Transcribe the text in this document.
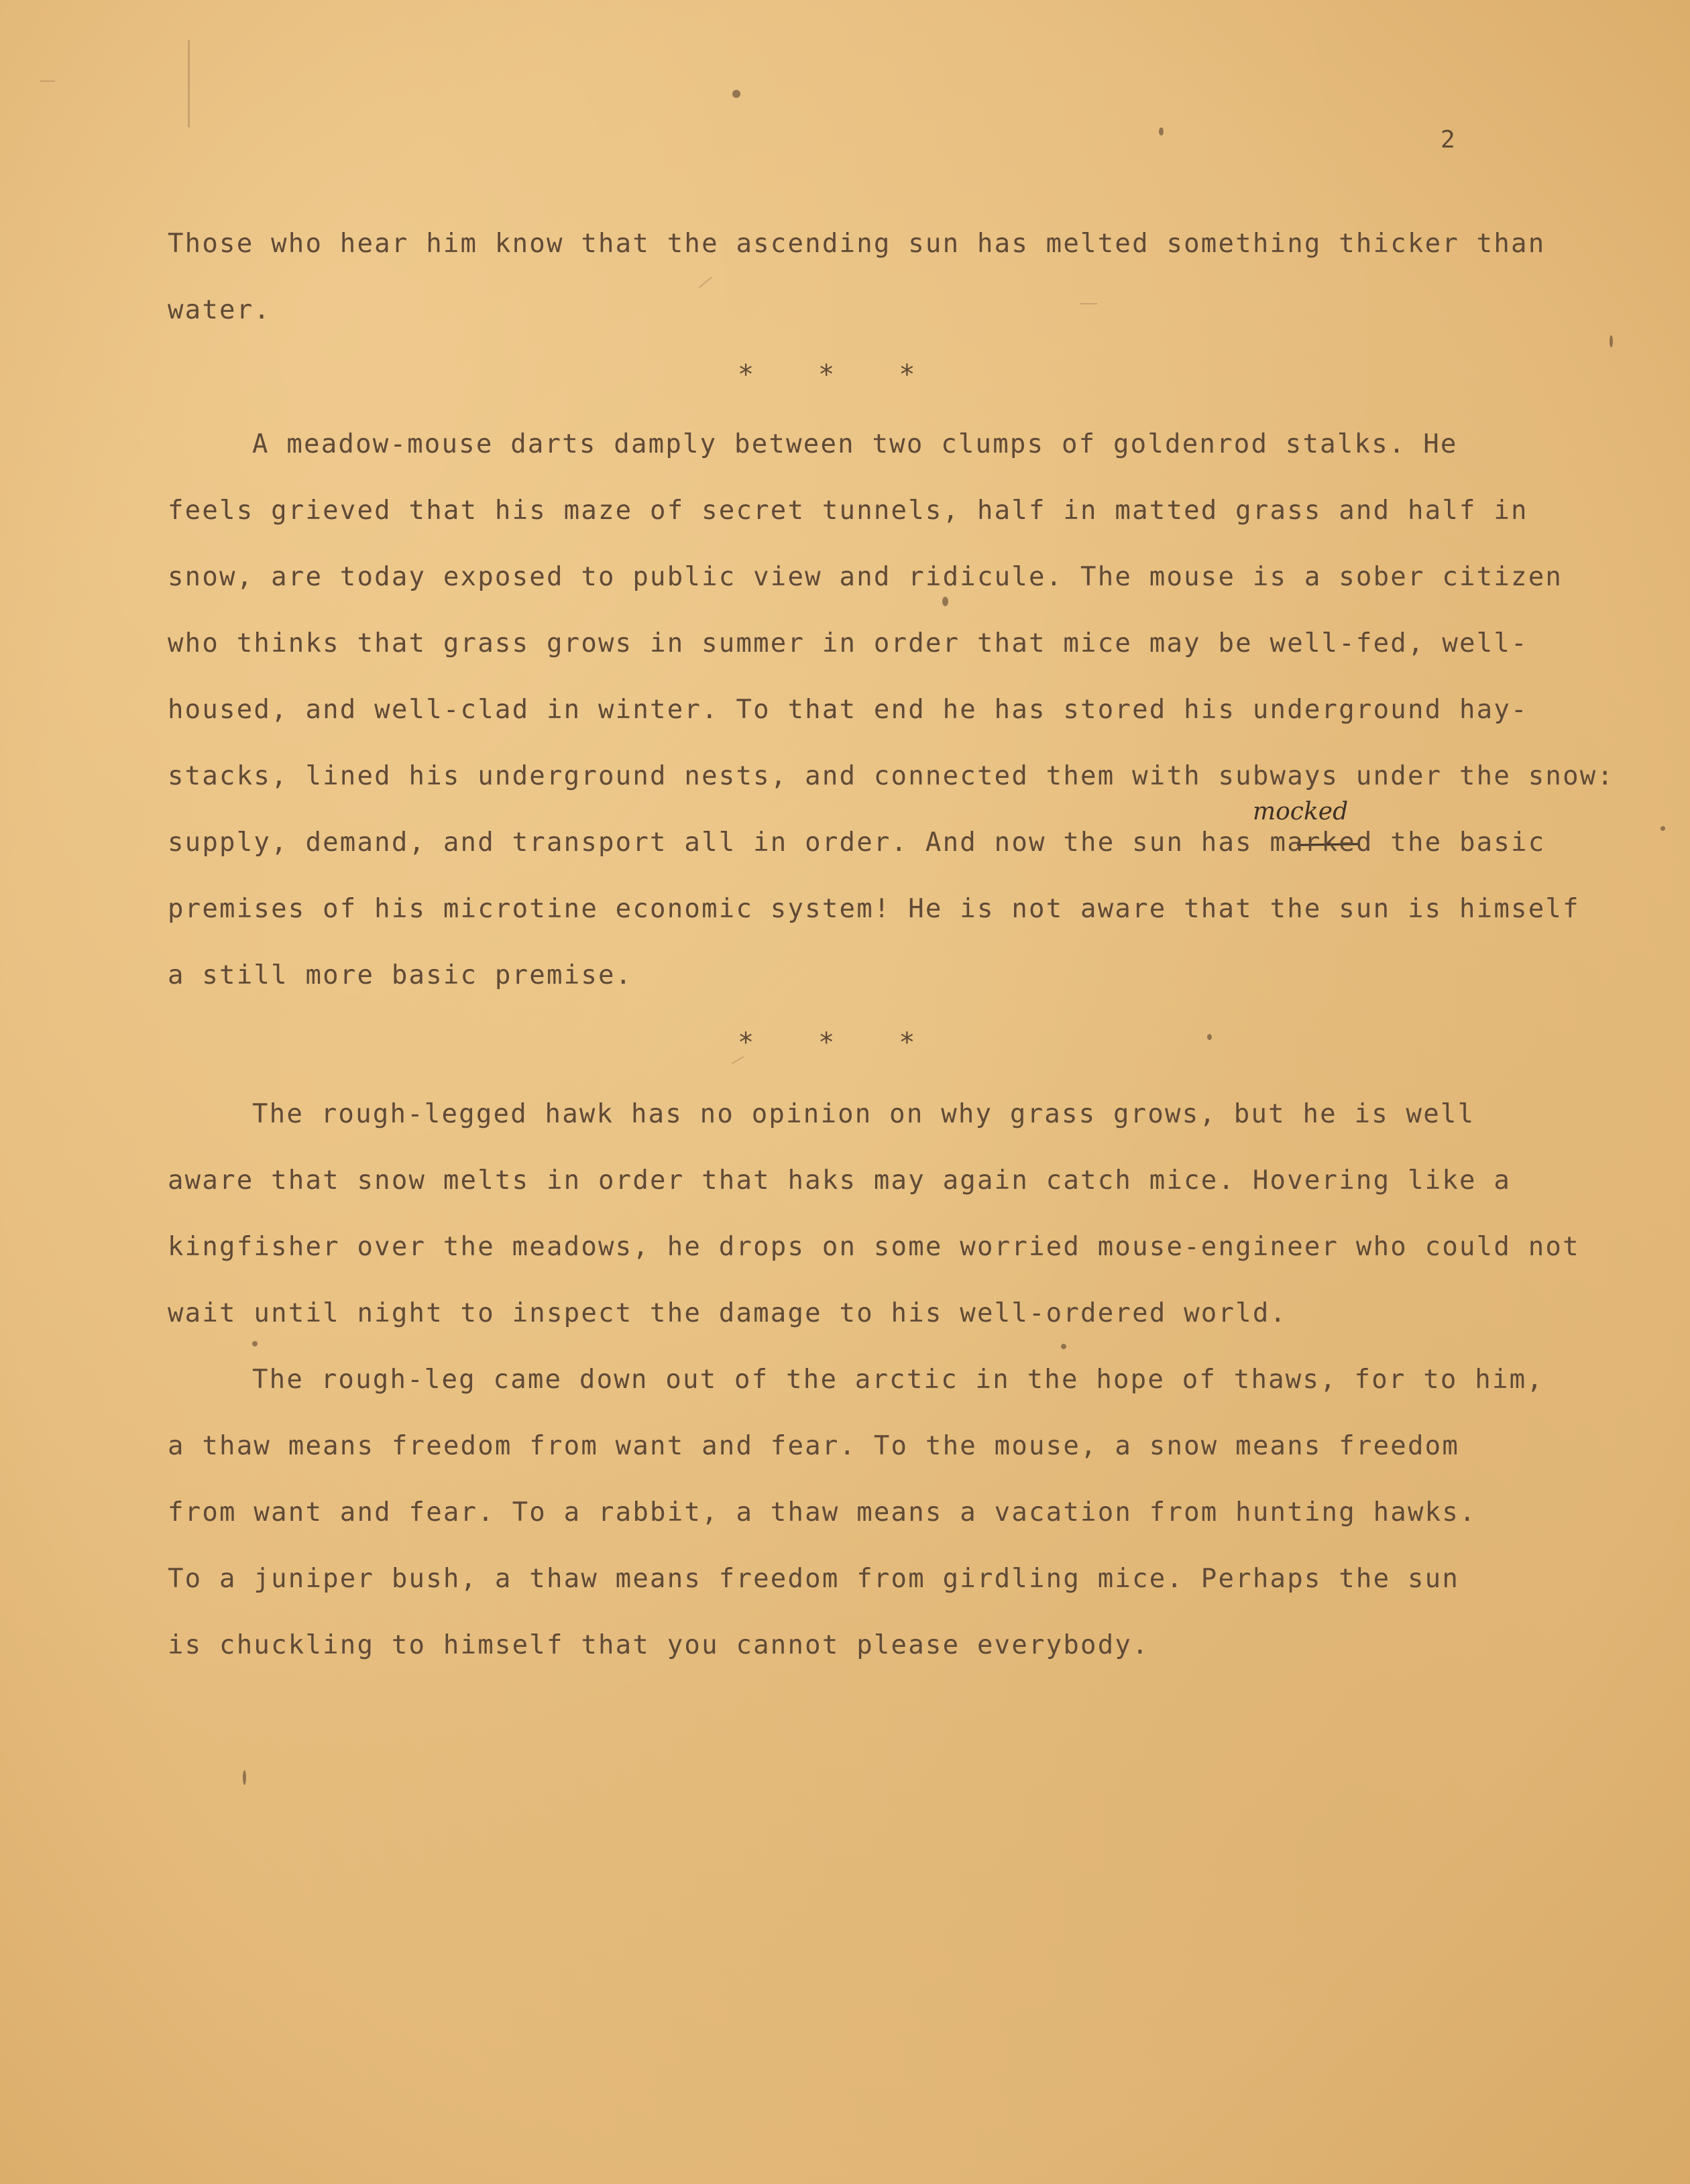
2
Those who hear him know that the ascending sun has melted something thicker than
water.
* * *
A meadow-mouse darts damply between two clumps of goldenrod stalks. He
feels grieved that his maze of secret tunnels, half in matted grass and half in
snow, are today exposed to public view and ridicule. The mouse is a sober citizen
who thinks that grass grows in summer in order that mice may be well-fed, well-
housed, and well-clad in winter. To that end he has stored his underground hay-
stacks, lined his underground nests, and connected them with subways under the snow:
mocked
supply, demand, and transport all in order. And now the sun has marked the basic
premises of his microtine economic system! He is not aware that the sun is himself
a still more basic premise.
* * *
The rough-legged hawk has no opinion on why grass grows, but he is well
aware that snow melts in order that haks may again catch mice. Hovering like a
kingfisher over the meadows, he drops on some worried mouse-engineer who could not
wait until night to inspect the damage to his well-ordered world.
The rough-leg came down out of the arctic in the hope of thaws, for to him,
a thaw means freedom from want and fear. To the mouse, a snow means freedom
from want and fear. To a rabbit, a thaw means a vacation from hunting hawks.
To a juniper bush, a thaw means freedom from girdling mice. Perhaps the sun
is chuckling to himself that you cannot please everybody.
